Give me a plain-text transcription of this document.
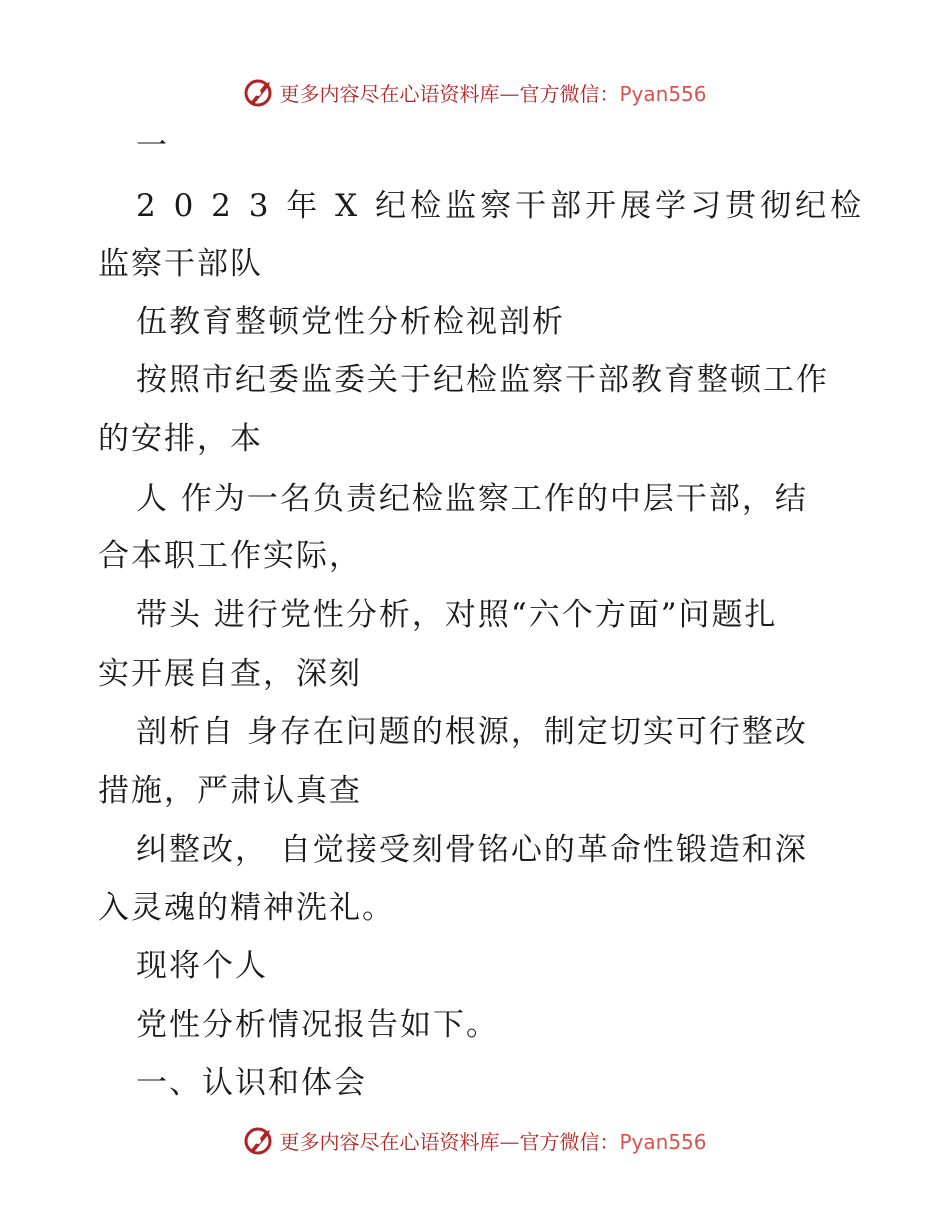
更多内容尽在心语资料库—官方微信：Pyan556
一
2 0 2 3 年 X 纪检监察干部开展学习贯彻纪检
监察干部队
伍教育整顿党性分析检视剖析
按照市纪委监委关于纪检监察干部教育整顿工作
的安排，本
人 作为一名负责纪检监察工作的中层干部，结
合本职工作实际，
带头 进行党性分析，对照“六个方面”问题扎
实开展自查，深刻
剖析自 身存在问题的根源，制定切实可行整改
措施，严肃认真查
纠整改， 自觉接受刻骨铭心的革命性锻造和深
入灵魂的精神洗礼。
现将个人
党性分析情况报告如下。
一、认识和体会
更多内容尽在心语资料库—官方微信：Pyan556
